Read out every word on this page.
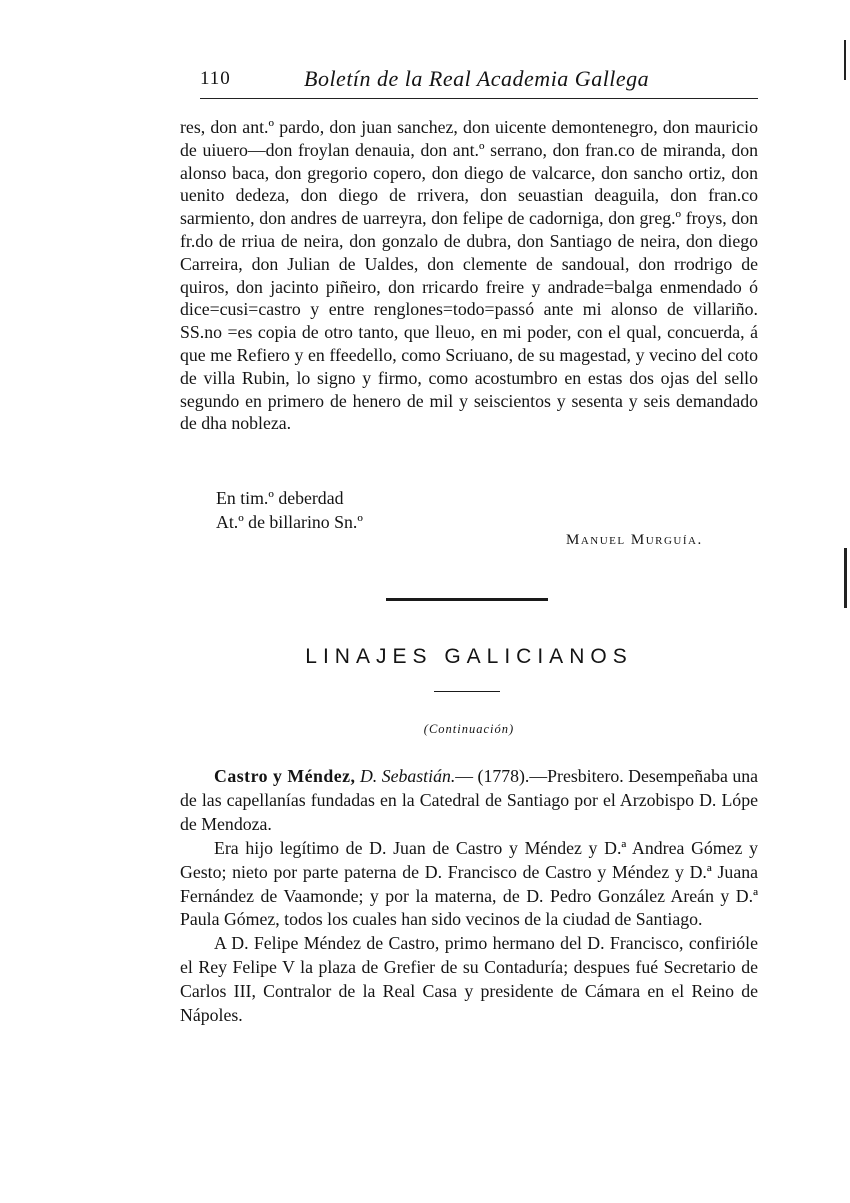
110	Boletín de la Real Academia Gallega

res, don ant.º pardo, don juan sanchez, don uicente demontenegro, don mauricio de uiuero—don froylan denauia, don ant.º serrano, don fran.co de miranda, don alonso baca, don gregorio copero, don diego de valcarce, don sancho ortiz, don uenito dedeza, don diego de rrivera, don seuastian deaguila, don fran.co sarmiento, don andres de uarreyra, don felipe de cadorniga, don greg.º froys, don fr.do de rriua de neira, don gonzalo de dubra, don Santiago de neira, don diego Carreira, don Julian de Ualdes, don clemente de sandoual, don rrodrigo de quiros, don jacinto piñeiro, don rricardo freire y andrade=balga enmendado ó dice=cusi=castro y entre renglones=todo=passó ante mi alonso de villariño. SS.no =es copia de otro tanto, que lleuo, en mi poder, con el qual, concuerda, á que me Refiero y en ffeedello, como Scriuano, de su magestad, y vecino del coto de villa Rubin, lo signo y firmo, como acostumbro en estas dos ojas del sello segundo en primero de henero de mil y seiscientos y sesenta y seis demandado de dha nobleza.

En tim.º deberdad
At.º de billarino Sn.º
Manuel Murguía.
LINAJES GALICIANOS
(Continuación)

Castro y Méndez, D. Sebastián.— (1778).—Presbitero. Desempeñaba una de las capellanías fundadas en la Catedral de Santiago por el Arzobispo D. Lópe de Mendoza.

Era hijo legítimo de D. Juan de Castro y Méndez y D.ª Andrea Gómez y Gesto; nieto por parte paterna de D. Francisco de Castro y Méndez y D.ª Juana Fernández de Vaamonde; y por la materna, de D. Pedro González Areán y D.ª Paula Gómez, todos los cuales han sido vecinos de la ciudad de Santiago.

A D. Felipe Méndez de Castro, primo hermano del D. Francisco, confirióle el Rey Felipe V la plaza de Grefier de su Contaduría; despues fué Secretario de Carlos III, Contralor de la Real Casa y presidente de Cámara en el Reino de Nápoles.
